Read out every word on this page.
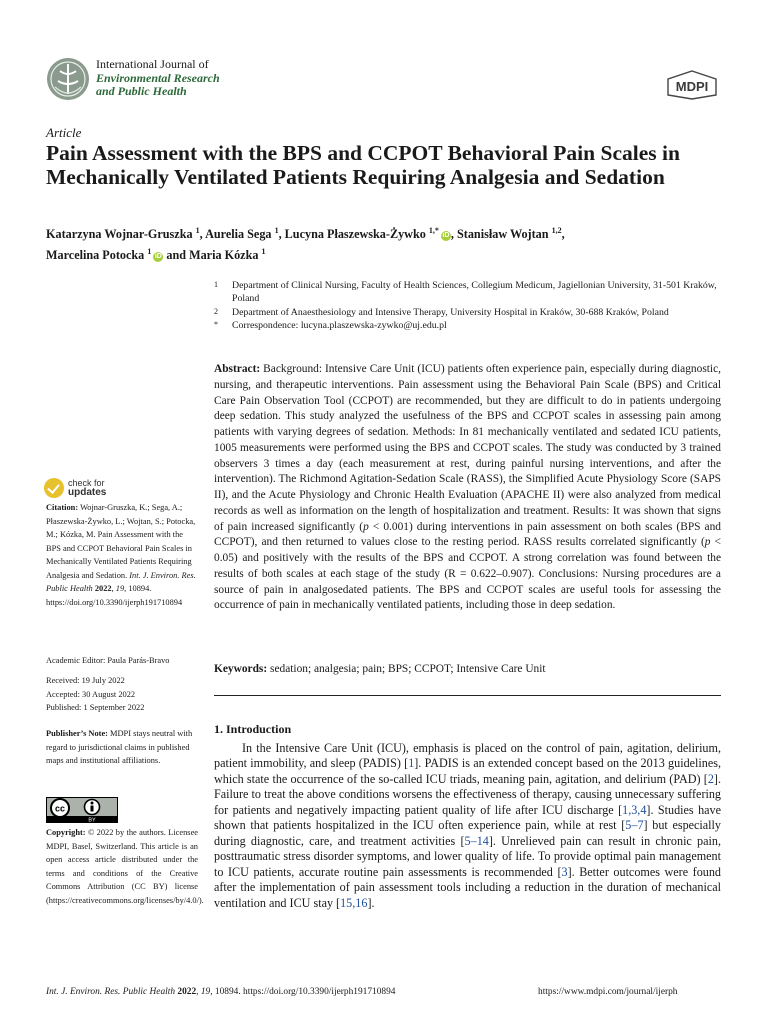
International Journal of
Environmental Research
and Public Health	MDPI
Article
Pain Assessment with the BPS and CCPOT Behavioral Pain Scales in Mechanically Ventilated Patients Requiring Analgesia and Sedation
Katarzyna Wojnar-Gruszka $^1$, Aurelia Sega $^1$, Lucyna Płaszewska-Żywko $^{1,*}$iD , Stanisław Wojtan $^{1,2}$,
Marcelina Potocka $^1$iD and Maria Kózka $^1$
1 Department of Clinical Nursing, Faculty of Health Sciences, Collegium Medicum, Jagiellonian University, 31-501 Kraków, Poland
2 Department of Anaesthesiology and Intensive Therapy, University Hospital in Kraków, 30-688 Kraków, Poland
* Correspondence: lucyna.plaszewska-zywko@uj.edu.pl
Abstract: Background: Intensive Care Unit (ICU) patients often experience pain, especially during diagnostic, nursing, and therapeutic interventions. Pain assessment using the Behavioral Pain Scale (BPS) and Critical Care Pain Observation Tool (CCPOT) are recommended, but they are difficult to do in patients undergoing deep sedation. This study analyzed the usefulness of the BPS and CCPOT scales in assessing pain among patients with varying degrees of sedation. Methods: In 81 mechanically ventilated and sedated ICU patients, 1005 measurements were performed using the BPS and CCPOT scales. The study was conducted by 3 trained observers 3 times a day (each measurement at rest, during painful nursing interventions, and after the intervention). The Richmond Agitation-Sedation Scale (RASS), the Simplified Acute Physiology Score (SAPS II), and the Acute Physiology and Chronic Health Evaluation (APACHE II) were also analyzed from medical records as well as information on the length of hospitalization and treatment. Results: It was shown that signs of pain increased significantly (p < 0.001) during interventions in pain assessment on both scales (BPS and CCPOT), and then returned to values close to the resting period. RASS results correlated significantly (p < 0.05) and positively with the results of the BPS and CCPOT. A strong correlation was found between the results of both scales at each stage of the study (R = 0.622–0.907). Conclusions: Nursing procedures are a source of pain in analgosedated patients. The BPS and CCPOT scales are useful tools for assessing the occurrence of pain in mechanically ventilated patients, including those in deep sedation.
Keywords: sedation; analgesia; pain; BPS; CCPOT; Intensive Care Unit
1. Introduction
In the Intensive Care Unit (ICU), emphasis is placed on the control of pain, agitation, delirium, patient immobility, and sleep (PADIS) [1]. PADIS is an extended concept based on the 2013 guidelines, which state the occurrence of the so-called ICU triads, meaning pain, agitation, and delirium (PAD) [2]. Failure to treat the above conditions worsens the effectiveness of therapy, causing unnecessary suffering for patients and negatively impacting patient quality of life after ICU discharge [1,3,4]. Studies have shown that patients hospitalized in the ICU often experience pain, while at rest [5–7] but especially during diagnostic, care, and treatment activities [5–14]. Unrelieved pain can result in chronic pain, posttraumatic stress disorder symptoms, and lower quality of life. To provide optimal pain management to ICU patients, accurate routine pain assessments is recommended [3]. Better outcomes were found after the implementation of pain assessment tools including a reduction in the duration of mechanical ventilation and ICU stay [15,16].
check for
updates
Citation: Wojnar-Gruszka, K.; Sega, A.; Płaszewska-Żywko, L.; Wojtan, S.; Potocka, M.; Kózka, M. Pain Assessment with the BPS and CCPOT Behavioral Pain Scales in Mechanically Ventilated Patients Requiring Analgesia and Sedation. Int. J. Environ. Res. Public Health 2022, 19, 10894. https://doi.org/10.3390/ijerph191710894
Academic Editor: Paula Parás-Bravo
Received: 19 July 2022
Accepted: 30 August 2022
Published: 1 September 2022
Publisher’s Note: MDPI stays neutral with regard to jurisdictional claims in published maps and institutional affiliations.
cc
BY
Copyright: © 2022 by the authors. Licensee MDPI, Basel, Switzerland. This article is an open access article distributed under the terms and conditions of the Creative Commons Attribution (CC BY) license (https://creativecommons.org/licenses/by/4.0/).
Int. J. Environ. Res. Public Health 2022, 19, 10894. https://doi.org/10.3390/ijerph191710894	https://www.mdpi.com/journal/ijerph
